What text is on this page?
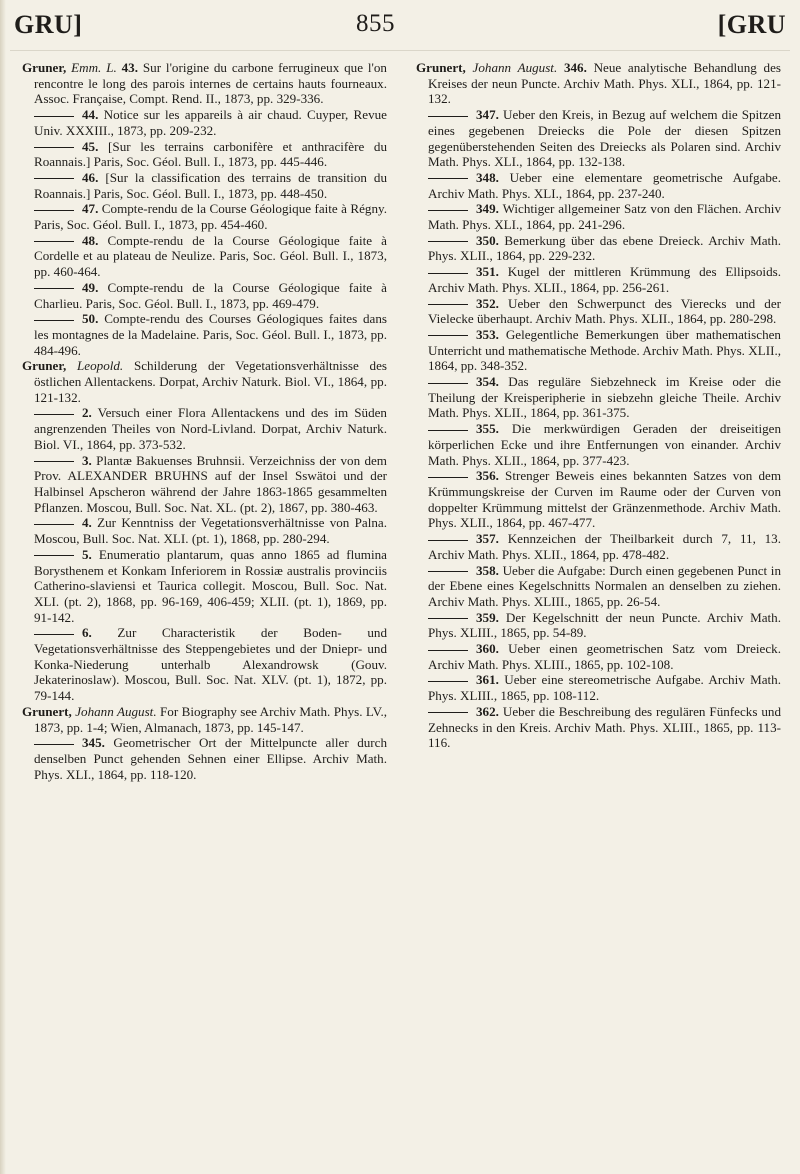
GRU]	855	[GRU

Gruner, Emm. L. 43. Sur l'origine du carbone ferrugineux que l'on rencontre le long des parois internes de certains hauts fourneaux. Assoc. Française, Compt. Rend. II., 1873, pp. 329-336.

44. Notice sur les appareils à air chaud. Cuyper, Revue Univ. XXXIII., 1873, pp. 209-232.

45. [Sur les terrains carbonifère et anthracifère du Roannais.] Paris, Soc. Géol. Bull. I., 1873, pp. 445-446.

46. [Sur la classification des terrains de transition du Roannais.] Paris, Soc. Géol. Bull. I., 1873, pp. 448-450.

47. Compte-rendu de la Course Géologique faite à Régny. Paris, Soc. Géol. Bull. I., 1873, pp. 454-460.

48. Compte-rendu de la Course Géologique faite à Cordelle et au plateau de Neulize. Paris, Soc. Géol. Bull. I., 1873, pp. 460-464.

49. Compte-rendu de la Course Géologique faite à Charlieu. Paris, Soc. Géol. Bull. I., 1873, pp. 469-479.

50. Compte-rendu des Courses Géologiques faites dans les montagnes de la Madelaine. Paris, Soc. Géol. Bull. I., 1873, pp. 484-496.

Gruner, Leopold. Schilderung der Vegetationsverhältnisse des östlichen Allentackens. Dorpat, Archiv Naturk. Biol. VI., 1864, pp. 121-132.

2. Versuch einer Flora Allentackens und des im Süden angrenzenden Theiles von Nord-Livland. Dorpat, Archiv Naturk. Biol. VI., 1864, pp. 373-532.

3. Plantæ Bakuenses Bruhnsii. Verzeichniss der von dem Prov. ALEXANDER BRUHNS auf der Insel Sswätoi und der Halbinsel Apscheron während der Jahre 1863-1865 gesammelten Pflanzen. Moscou, Bull. Soc. Nat. XL. (pt. 2), 1867, pp. 380-463.

4. Zur Kenntniss der Vegetationsverhältnisse von Palna. Moscou, Bull. Soc. Nat. XLI. (pt. 1), 1868, pp. 280-294.

5. Enumeratio plantarum, quas anno 1865 ad flumina Borysthenem et Konkam Inferiorem in Rossiæ australis provinciis Catherino-slaviensi et Taurica collegit. Moscou, Bull. Soc. Nat. XLI. (pt. 2), 1868, pp. 96-169, 406-459; XLII. (pt. 1), 1869, pp. 91-142.

6. Zur Characteristik der Boden- und Vegetationsverhältnisse des Steppengebietes und der Dniepr- und Konka-Niederung unterhalb Alexandrowsk (Gouv. Jekaterinoslaw). Moscou, Bull. Soc. Nat. XLV. (pt. 1), 1872, pp. 79-144.

Grunert, Johann August. For Biography see Archiv Math. Phys. LV., 1873, pp. 1-4; Wien, Almanach, 1873, pp. 145-147.

345. Geometrischer Ort der Mittelpuncte aller durch denselben Punct gehenden Sehnen einer Ellipse. Archiv Math. Phys. XLI., 1864, pp. 118-120.

Grunert, Johann August. 346. Neue analytische Behandlung des Kreises der neun Puncte. Archiv Math. Phys. XLI., 1864, pp. 121-132.

347. Ueber den Kreis, in Bezug auf welchem die Spitzen eines gegebenen Dreiecks die Pole der diesen Spitzen gegenüberstehenden Seiten des Dreiecks als Polaren sind. Archiv Math. Phys. XLI., 1864, pp. 132-138.

348. Ueber eine elementare geometrische Aufgabe. Archiv Math. Phys. XLI., 1864, pp. 237-240.

349. Wichtiger allgemeiner Satz von den Flächen. Archiv Math. Phys. XLI., 1864, pp. 241-296.

350. Bemerkung über das ebene Dreieck. Archiv Math. Phys. XLII., 1864, pp. 229-232.

351. Kugel der mittleren Krümmung des Ellipsoids. Archiv Math. Phys. XLII., 1864, pp. 256-261.

352. Ueber den Schwerpunct des Vierecks und der Vielecke überhaupt. Archiv Math. Phys. XLII., 1864, pp. 280-298.

353. Gelegentliche Bemerkungen über mathematischen Unterricht und mathematische Methode. Archiv Math. Phys. XLII., 1864, pp. 348-352.

354. Das reguläre Siebzehneck im Kreise oder die Theilung der Kreisperipherie in siebzehn gleiche Theile. Archiv Math. Phys. XLII., 1864, pp. 361-375.

355. Die merkwürdigen Geraden der dreiseitigen körperlichen Ecke und ihre Entfernungen von einander. Archiv Math. Phys. XLII., 1864, pp. 377-423.

356. Strenger Beweis eines bekannten Satzes von dem Krümmungskreise der Curven im Raume oder der Curven von doppelter Krümmung mittelst der Gränzenmethode. Archiv Math. Phys. XLII., 1864, pp. 467-477.

357. Kennzeichen der Theilbarkeit durch 7, 11, 13. Archiv Math. Phys. XLII., 1864, pp. 478-482.

358. Ueber die Aufgabe: Durch einen gegebenen Punct in der Ebene eines Kegelschnitts Normalen an denselben zu ziehen. Archiv Math. Phys. XLIII., 1865, pp. 26-54.

359. Der Kegelschnitt der neun Puncte. Archiv Math. Phys. XLIII., 1865, pp. 54-89.

360. Ueber einen geometrischen Satz vom Dreieck. Archiv Math. Phys. XLIII., 1865, pp. 102-108.

361. Ueber eine stereometrische Aufgabe. Archiv Math. Phys. XLIII., 1865, pp. 108-112.

362. Ueber die Beschreibung des regulären Fünfecks und Zehnecks in den Kreis. Archiv Math. Phys. XLIII., 1865, pp. 113-116.
